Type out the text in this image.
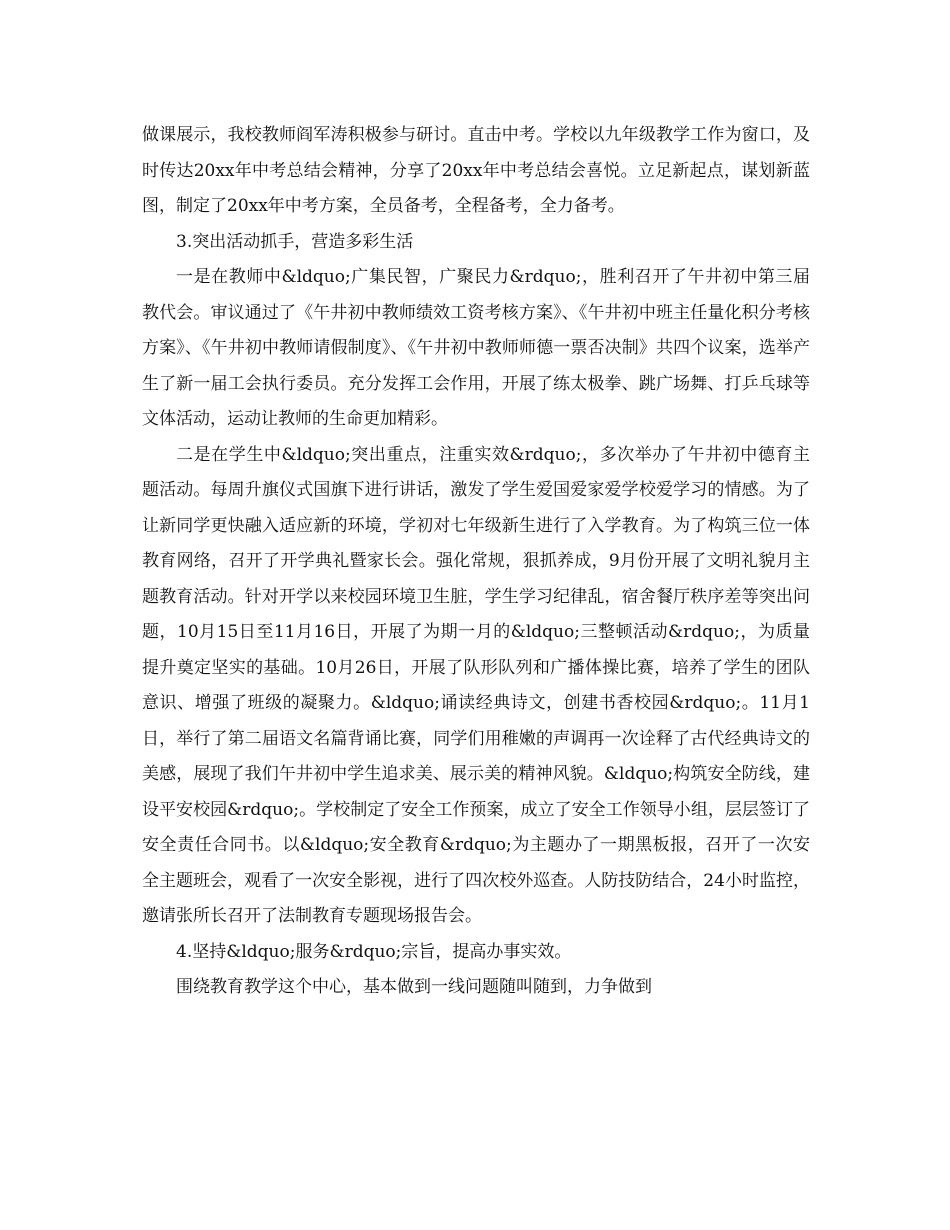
做课展示，我校教师阎军涛积极参与研讨。直击中考。学校以九年级教学工作为窗口，及时传达20xx年中考总结会精神，分享了20xx年中考总结会喜悦。立足新起点，谋划新蓝图，制定了20xx年中考方案，全员备考，全程备考，全力备考。

3.突出活动抓手，营造多彩生活

一是在教师中&ldquo;广集民智，广聚民力&rdquo;，胜利召开了午井初中第三届教代会。审议通过了《午井初中教师绩效工资考核方案》、《午井初中班主任量化积分考核方案》、《午井初中教师请假制度》、《午井初中教师师德一票否决制》共四个议案，选举产生了新一届工会执行委员。充分发挥工会作用，开展了练太极拳、跳广场舞、打乒乓球等文体活动，运动让教师的生命更加精彩。

二是在学生中&ldquo;突出重点，注重实效&rdquo;，多次举办了午井初中德育主题活动。每周升旗仪式国旗下进行讲话，激发了学生爱国爱家爱学校爱学习的情感。为了让新同学更快融入适应新的环境，学初对七年级新生进行了入学教育。为了构筑三位一体教育网络，召开了开学典礼暨家长会。强化常规，狠抓养成，9月份开展了文明礼貌月主题教育活动。针对开学以来校园环境卫生脏，学生学习纪律乱，宿舍餐厅秩序差等突出问题，10月15日至11月16日，开展了为期一月的&ldquo;三整顿活动&rdquo;，为质量提升奠定坚实的基础。10月26日，开展了队形队列和广播体操比赛，培养了学生的团队意识、增强了班级的凝聚力。&ldquo;诵读经典诗文，创建书香校园&rdquo;。11月1日，举行了第二届语文名篇背诵比赛，同学们用稚嫩的声调再一次诠释了古代经典诗文的美感，展现了我们午井初中学生追求美、展示美的精神风貌。&ldquo;构筑安全防线，建设平安校园&rdquo;。学校制定了安全工作预案，成立了安全工作领导小组，层层签订了安全责任合同书。以&ldquo;安全教育&rdquo;为主题办了一期黑板报，召开了一次安全主题班会，观看了一次安全影视，进行了四次校外巡查。人防技防结合，24小时监控，邀请张所长召开了法制教育专题现场报告会。

4.坚持&ldquo;服务&rdquo;宗旨，提高办事实效。

围绕教育教学这个中心，基本做到一线问题随叫随到，力争做到
